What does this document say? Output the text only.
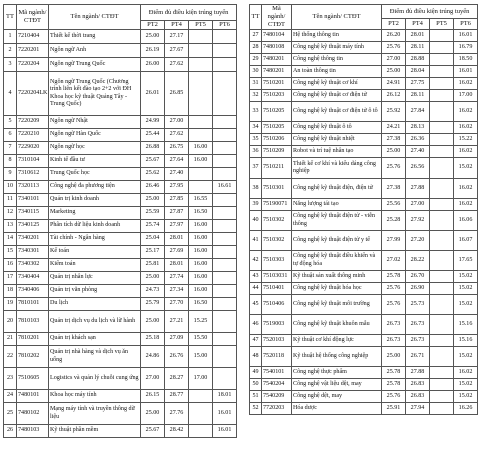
TT	Mã ngành/ CTĐT	Tên ngành/ CTĐT	Điểm đủ điều kiện trúng tuyển			
			PT2	PT4	PT5	PT6
1	7210404	Thiết kế thời trang	25.00	27.17		
2	7220201	Ngôn ngữ Anh	26.19	27.67		
3	7220204	Ngôn ngữ Trung Quốc	26.00	27.62		
4	7220204LK	Ngôn ngữ Trung Quốc (Chương trình liên kết đào tạo 2+2 với ĐH Khoa học kỹ thuật Quảng Tây - Trung Quốc)	26.01	26.85		
5	7220209	Ngôn ngữ Nhật	24.99	27.00		
6	7220210	Ngôn ngữ Hàn Quốc	25.44	27.62		
7	7229020	Ngôn ngữ học	26.88	26.75	16.00	
8	7310104	Kinh tế đầu tư	25.67	27.64	16.00	
9	7310612	Trung Quốc học	25.62	27.40		
10	7320113	Công nghệ đa phương tiện	26.46	27.95		16.61
11	7340101	Quản trị kinh doanh	25.00	27.85	16.55	
12	7340115	Marketing	25.59	27.87	16.50	
13	7340125	Phân tích dữ liệu kinh doanh	25.74	27.97	16.00	
14	7340201	Tài chính - Ngân hàng	25.04	28.01	16.00	
15	7340301	Kế toán	25.17	27.69	16.00	
16	7340302	Kiểm toán	25.81	28.01	16.00	
17	7340404	Quản trị nhân lực	25.00	27.74	16.00	
18	7340406	Quản trị văn phòng	24.73	27.34	16.00	
19	7810101	Du lịch	25.79	27.70	16.50	
20	7810103	Quản trị dịch vụ du lịch và lữ hành	25.00	27.21	15.25	
21	7810201	Quản trị khách sạn	25.18	27.09	15.50	
22	7810202	Quản trị nhà hàng và dịch vụ ăn uống	24.86	26.76	15.00	
23	7510605	Logistics và quản lý chuỗi cung ứng	27.00	28.27	17.00	
24	7480101	Khoa học máy tính	26.15	28.77		18.01
25	7480102	Mạng máy tính và truyền thông dữ liệu	25.00	27.76		16.01
26	7480103	Kỹ thuật phần mềm	25.67	28.42		16.01
TT	Mã ngành/ CTĐT	Tên ngành/ CTĐT	Điểm đủ điều kiện trúng tuyển			
			PT2	PT4	PT5	PT6
27	7480104	Hệ thống thông tin	26.20	28.01		16.01
28	7480108	Công nghệ kỹ thuật máy tính	25.76	28.11		16.79
29	7480201	Công nghệ thông tin	27.00	28.88		18.50
30	7480201	An toàn thông tin	25.00	28.04		16.01
31	7510201	Công nghệ kỹ thuật cơ khí	24.91	27.75		16.02
32	7510203	Công nghệ kỹ thuật cơ điện tử	26.12	28.11		17.00
33	7510205	Công nghệ kỹ thuật cơ điện tử ô tô	25.92	27.84		16.02
34	7510205	Công nghệ kỹ thuật ô tô	24.21	28.13		16.02
35	7510206	Công nghệ kỹ thuật nhiệt	27.38	26.36		15.22
36	7510209	Robot và trí tuệ nhân tạo	25.00	27.40		16.02
37	7510211	Thiết kế cơ khí và kiểu dáng công nghiệp	25.76	26.56		15.02
38	7510301	Công nghệ kỹ thuật điện, điện tử	27.38	27.88		16.02
39	75190071	Năng lượng tái tạo	25.56	27.00		16.02
40	7510302	Công nghệ kỹ thuật điện tử - viễn thông	25.28	27.92		16.06
41	7510302	Công nghệ kỹ thuật điện tử y tế	27.99	27.20		16.07
42	7510303	Công nghệ kỹ thuật điều khiển và tự động hóa	27.02	28.22		17.65
43	75103031	Kỹ thuật sản xuất thông minh	25.78	26.70		15.02
44	7510401	Công nghệ kỹ thuật hóa học	25.76	26.90		15.02
45	7510406	Công nghệ kỹ thuật môi trường	25.76	25.73		15.02
46	7519003	Công nghệ kỹ thuật khuôn mẫu	26.73	26.73		15.16
47	7520103	Kỹ thuật cơ khí động lực	26.73	26.73		15.16
48	7520118	Kỹ thuật hệ thống công nghiệp	25.00	26.71		15.02
49	7540101	Công nghệ thực phẩm	25.78	27.88		16.02
50	7540204	Công nghệ vật liệu dệt, may	25.78	26.83		15.02
51	7540209	Công nghệ dệt, may	25.76	26.83		15.02
52	7720203	Hóa dược	25.91	27.94		16.26
